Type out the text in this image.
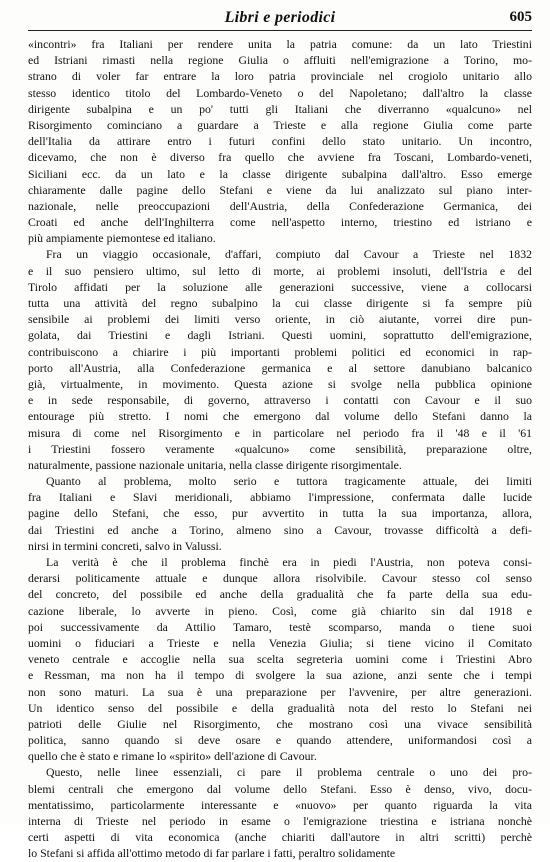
Libri e periodici	605
«incontri» fra Italiani per rendere unita la patria comune: da un lato Triestini
ed Istriani rimasti nella regione Giulia o affluiti nell'emigrazione a Torino, mo-
strano di voler far entrare la loro patria provinciale nel crogiolo unitario allo
stesso identico titolo del Lombardo-Veneto o del Napoletano; dall'altro la classe
dirigente subalpina e un po' tutti gli Italiani che diverranno «qualcuno» nel
Risorgimento cominciano a guardare a Trieste e alla regione Giulia come parte
dell'Italia da attirare entro i futuri confini dello stato unitario. Un incontro,
dicevamo, che non è diverso fra quello che avviene fra Toscani, Lombardo-veneti,
Siciliani ecc. da un lato e la classe dirigente subalpina dall'altro. Esso emerge
chiaramente dalle pagine dello Stefani e viene da lui analizzato sul piano inter-
nazionale, nelle preoccupazioni dell'Austria, della Confederazione Germanica, dei
Croati ed anche dell'Inghilterra come nell'aspetto interno, triestino ed istriano e
più ampiamente piemontese ed italiano.
Fra un viaggio occasionale, d'affari, compiuto dal Cavour a Trieste nel 1832
e il suo pensiero ultimo, sul letto di morte, ai problemi insoluti, dell'Istria e del
Tirolo affidati per la soluzione alle generazioni successive, viene a collocarsi
tutta una attività del regno subalpino la cui classe dirigente si fa sempre più
sensibile ai problemi dei limiti verso oriente, in ciò aiutante, vorrei dire pun-
golata, dai Triestini e dagli Istriani. Questi uomini, soprattutto dell'emigrazione,
contribuiscono a chiarire i più importanti problemi politici ed economici in rap-
porto all'Austria, alla Confederazione germanica e al settore danubiano balcanico
già, virtualmente, in movimento. Questa azione si svolge nella pubblica opinione
e in sede responsabile, di governo, attraverso i contatti con Cavour e il suo
entourage più stretto. I nomi che emergono dal volume dello Stefani danno la
misura di come nel Risorgimento e in particolare nel periodo fra il '48 e il '61
i Triestini fossero veramente «qualcuno» come sensibilità, preparazione oltre,
naturalmente, passione nazionale unitaria, nella classe dirigente risorgimentale.
Quanto al problema, molto serio e tuttora tragicamente attuale, dei limiti
fra Italiani e Slavi meridionali, abbiamo l'impressione, confermata dalle lucide
pagine dello Stefani, che esso, pur avvertito in tutta la sua importanza, allora,
dai Triestini ed anche a Torino, almeno sino a Cavour, trovasse difficoltà a defi-
nirsi in termini concreti, salvo in Valussi.
La verità è che il problema finchè era in piedi l'Austria, non poteva consi-
derarsi politicamente attuale e dunque allora risolvibile. Cavour stesso col senso
del concreto, del possibile ed anche della gradualità che fa parte della sua edu-
cazione liberale, lo avverte in pieno. Così, come già chiarito sin dal 1918 e
poi successivamente da Attilio Tamaro, testè scomparso, manda o tiene suoi
uomini o fiduciari a Trieste e nella Venezia Giulia; si tiene vicino il Comitato
veneto centrale e accoglie nella sua scelta segreteria uomini come i Triestini Abro
e Ressman, ma non ha il tempo di svolgere la sua azione, anzi sente che i tempi
non sono maturi. La sua è una preparazione per l'avvenire, per altre generazioni.
Un identico senso del possibile e della gradualità nota del resto lo Stefani nei
patrioti delle Giulie nel Risorgimento, che mostrano così una vivace sensibilità
politica, sanno quando si deve osare e quando attendere, uniformandosi così a
quello che è stato e rimane lo «spirito» dell'azione di Cavour.
Questo, nelle linee essenziali, ci pare il problema centrale o uno dei pro-
blemi centrali che emergono dal volume dello Stefani. Esso è denso, vivo, docu-
mentatissimo, particolarmente interessante e «nuovo» per quanto riguarda la vita
interna di Trieste nel periodo in esame o l'emigrazione triestina e istriana nonchè
certi aspetti di vita economica (anche chiariti dall'autore in altri scritti) perchè
lo Stefani si affida all'ottimo metodo di far parlare i fatti, peraltro solidamente
